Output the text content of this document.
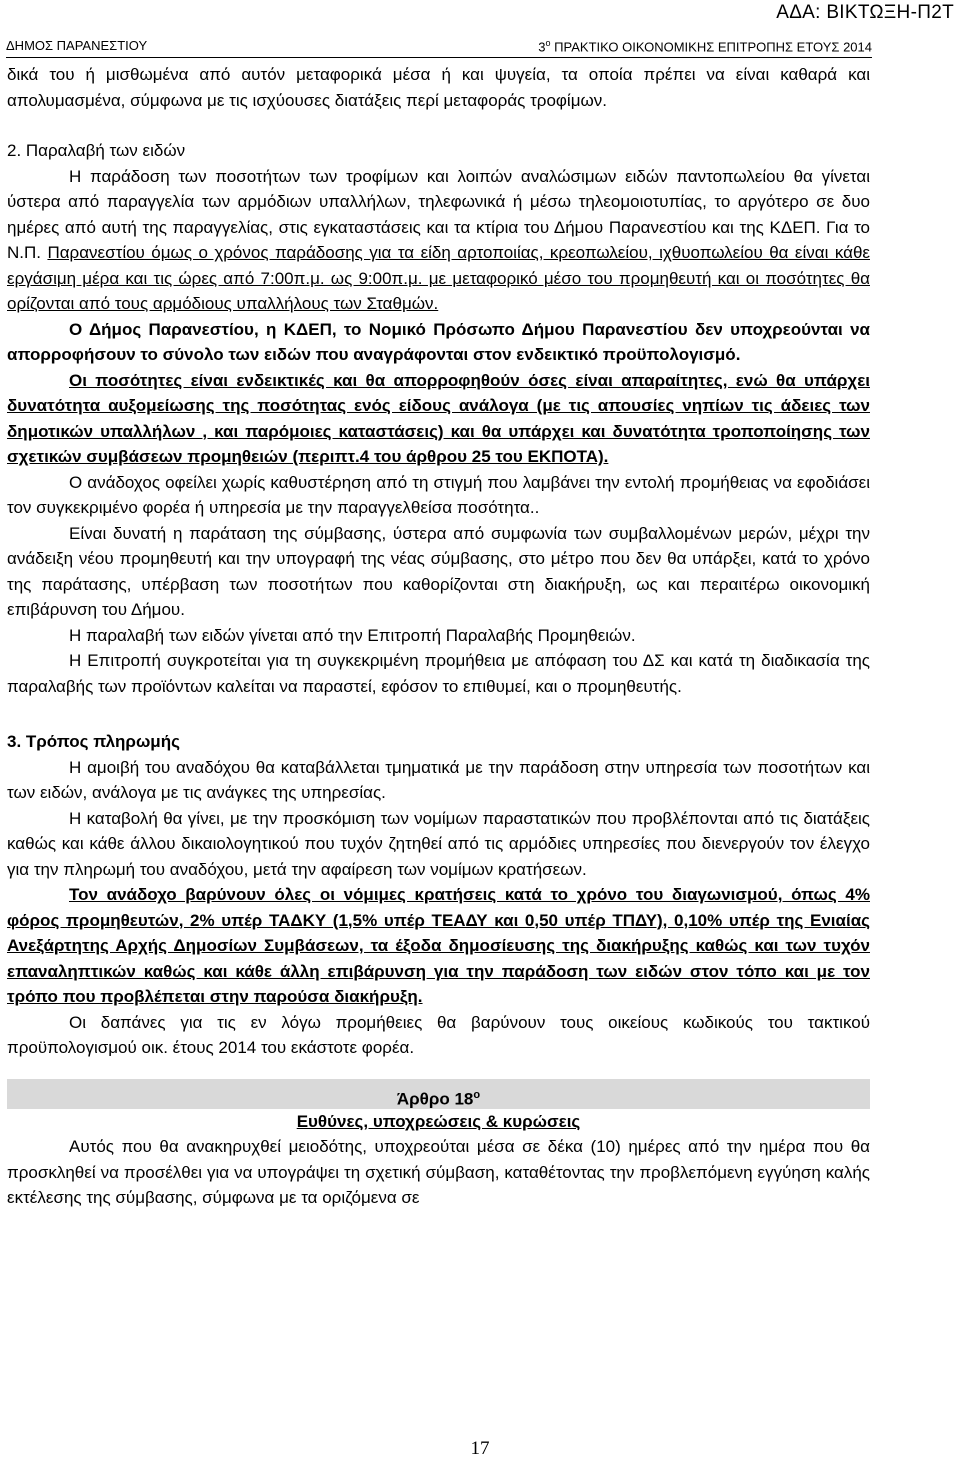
ΑΔΑ: ΒΙΚΤΩΞΗ-Π2Τ
ΔΗΜΟΣ ΠΑΡΑΝΕΣΤΙΟΥ	$3^o$ ΠΡΑΚΤΙΚΟ ΟΙΚΟΝΟΜΙΚΗΣ ΕΠΙΤΡΟΠΗΣ ΕΤΟΥΣ 2014

δικά του ή μισθωμένα από αυτόν μεταφορικά μέσα ή και ψυγεία, τα οποία πρέπει να είναι καθαρά και απολυμασμένα, σύμφωνα με τις ισχύουσες διατάξεις περί μεταφοράς τροφίμων.

2. Παραλαβή των ειδών

Η παράδοση των ποσοτήτων των τροφίμων και λοιπών αναλώσιμων ειδών παντοπωλείου θα γίνεται ύστερα από παραγγελία των αρμόδιων υπαλλήλων, τηλεφωνικά ή μέσω τηλεομοιοτυπίας, το αργότερο σε δυο ημέρες από αυτή της παραγγελίας, στις εγκαταστάσεις και τα κτίρια του Δήμου Παρανεστίου και της ΚΔΕΠ. Για το Ν.Π. Παρανεστίου όμως ο χρόνος παράδοσης για τα είδη αρτοποιίας, κρεοπωλείου, ιχθυοπωλείου θα είναι κάθε εργάσιμη μέρα και τις ώρες από 7:00π.μ. ως 9:00π.μ. με μεταφορικό μέσο του προμηθευτή και οι ποσότητες θα ορίζονται από τους αρμόδιους υπαλλήλους των Σταθμών.

Ο Δήμος Παρανεστίου, η ΚΔΕΠ, το Νομικό Πρόσωπο Δήμου Παρανεστίου δεν υποχρεούνται να απορροφήσουν το σύνολο των ειδών που αναγράφονται στον ενδεικτικό προϋπολογισμό.

Οι ποσότητες είναι ενδεικτικές και θα απορροφηθούν όσες είναι απαραίτητες, ενώ θα υπάρχει δυνατότητα αυξομείωσης της ποσότητας ενός είδους ανάλογα (με τις απουσίες νηπίων τις άδειες των δημοτικών υπαλλήλων , και παρόμοιες καταστάσεις) και θα υπάρχει και δυνατότητα τροποποίησης των σχετικών συμβάσεων προμηθειών (περιπτ.4 του άρθρου 25 του ΕΚΠΟΤΑ).

Ο ανάδοχος οφείλει χωρίς καθυστέρηση από τη στιγμή που λαμβάνει την εντολή προμήθειας να εφοδιάσει τον συγκεκριμένο φορέα ή υπηρεσία με την παραγγελθείσα ποσότητα..

Είναι δυνατή η παράταση της σύμβασης, ύστερα από συμφωνία των συμβαλλομένων μερών, μέχρι την ανάδειξη νέου προμηθευτή και την υπογραφή της νέας σύμβασης, στο μέτρο που δεν θα υπάρξει, κατά το χρόνο της παράτασης, υπέρβαση των ποσοτήτων που καθορίζονται στη διακήρυξη, ως και περαιτέρω οικονομική επιβάρυνση του Δήμου.

Η παραλαβή των ειδών γίνεται από την Επιτροπή Παραλαβής Προμηθειών.

Η Επιτροπή συγκροτείται για τη συγκεκριμένη προμήθεια με απόφαση του ΔΣ και κατά τη διαδικασία της παραλαβής των προϊόντων καλείται να παραστεί, εφόσον το επιθυμεί, και ο προμηθευτής.

3. Τρόπος πληρωμής

Η αμοιβή του αναδόχου θα καταβάλλεται τμηματικά με την παράδοση στην υπηρεσία των ποσοτήτων και των ειδών, ανάλογα με τις ανάγκες της υπηρεσίας.

Η καταβολή θα γίνει, με την προσκόμιση των νομίμων παραστατικών που προβλέπονται από τις διατάξεις καθώς και κάθε άλλου δικαιολογητικού που τυχόν ζητηθεί από τις αρμόδιες υπηρεσίες που διενεργούν τον έλεγχο για την πληρωμή του αναδόχου, μετά την αφαίρεση των νομίμων κρατήσεων.

Τον ανάδοχο βαρύνουν όλες οι νόμιμες κρατήσεις κατά το χρόνο του διαγωνισμού, όπως 4% φόρος προμηθευτών, 2% υπέρ ΤΑΔΚΥ (1,5% υπέρ ΤΕΑΔΥ και 0,50 υπέρ ΤΠΔΥ), 0,10% υπέρ της Ενιαίας Ανεξάρτητης Αρχής Δημοσίων Συμβάσεων, τα έξοδα δημοσίευσης της διακήρυξης καθώς και των τυχόν επαναληπτικών καθώς και κάθε άλλη επιβάρυνση για την παράδοση των ειδών στον τόπο και με τον τρόπο που προβλέπεται στην παρούσα διακήρυξη.

Οι δαπάνες για τις εν λόγω προμήθειες θα βαρύνουν τους οικείους κωδικούς του τακτικού προϋπολογισμού οικ. έτους 2014 του εκάστοτε φορέα.

Άρθρο $18^o$

Ευθύνες, υποχρεώσεις & κυρώσεις

Αυτός που θα ανακηρυχθεί μειοδότης, υποχρεούται μέσα σε δέκα (10) ημέρες από την ημέρα που θα προσκληθεί να προσέλθει για να υπογράψει τη σχετική σύμβαση, καταθέτοντας την προβλεπόμενη εγγύηση καλής εκτέλεσης της σύμβασης, σύμφωνα με τα οριζόμενα σε

17
